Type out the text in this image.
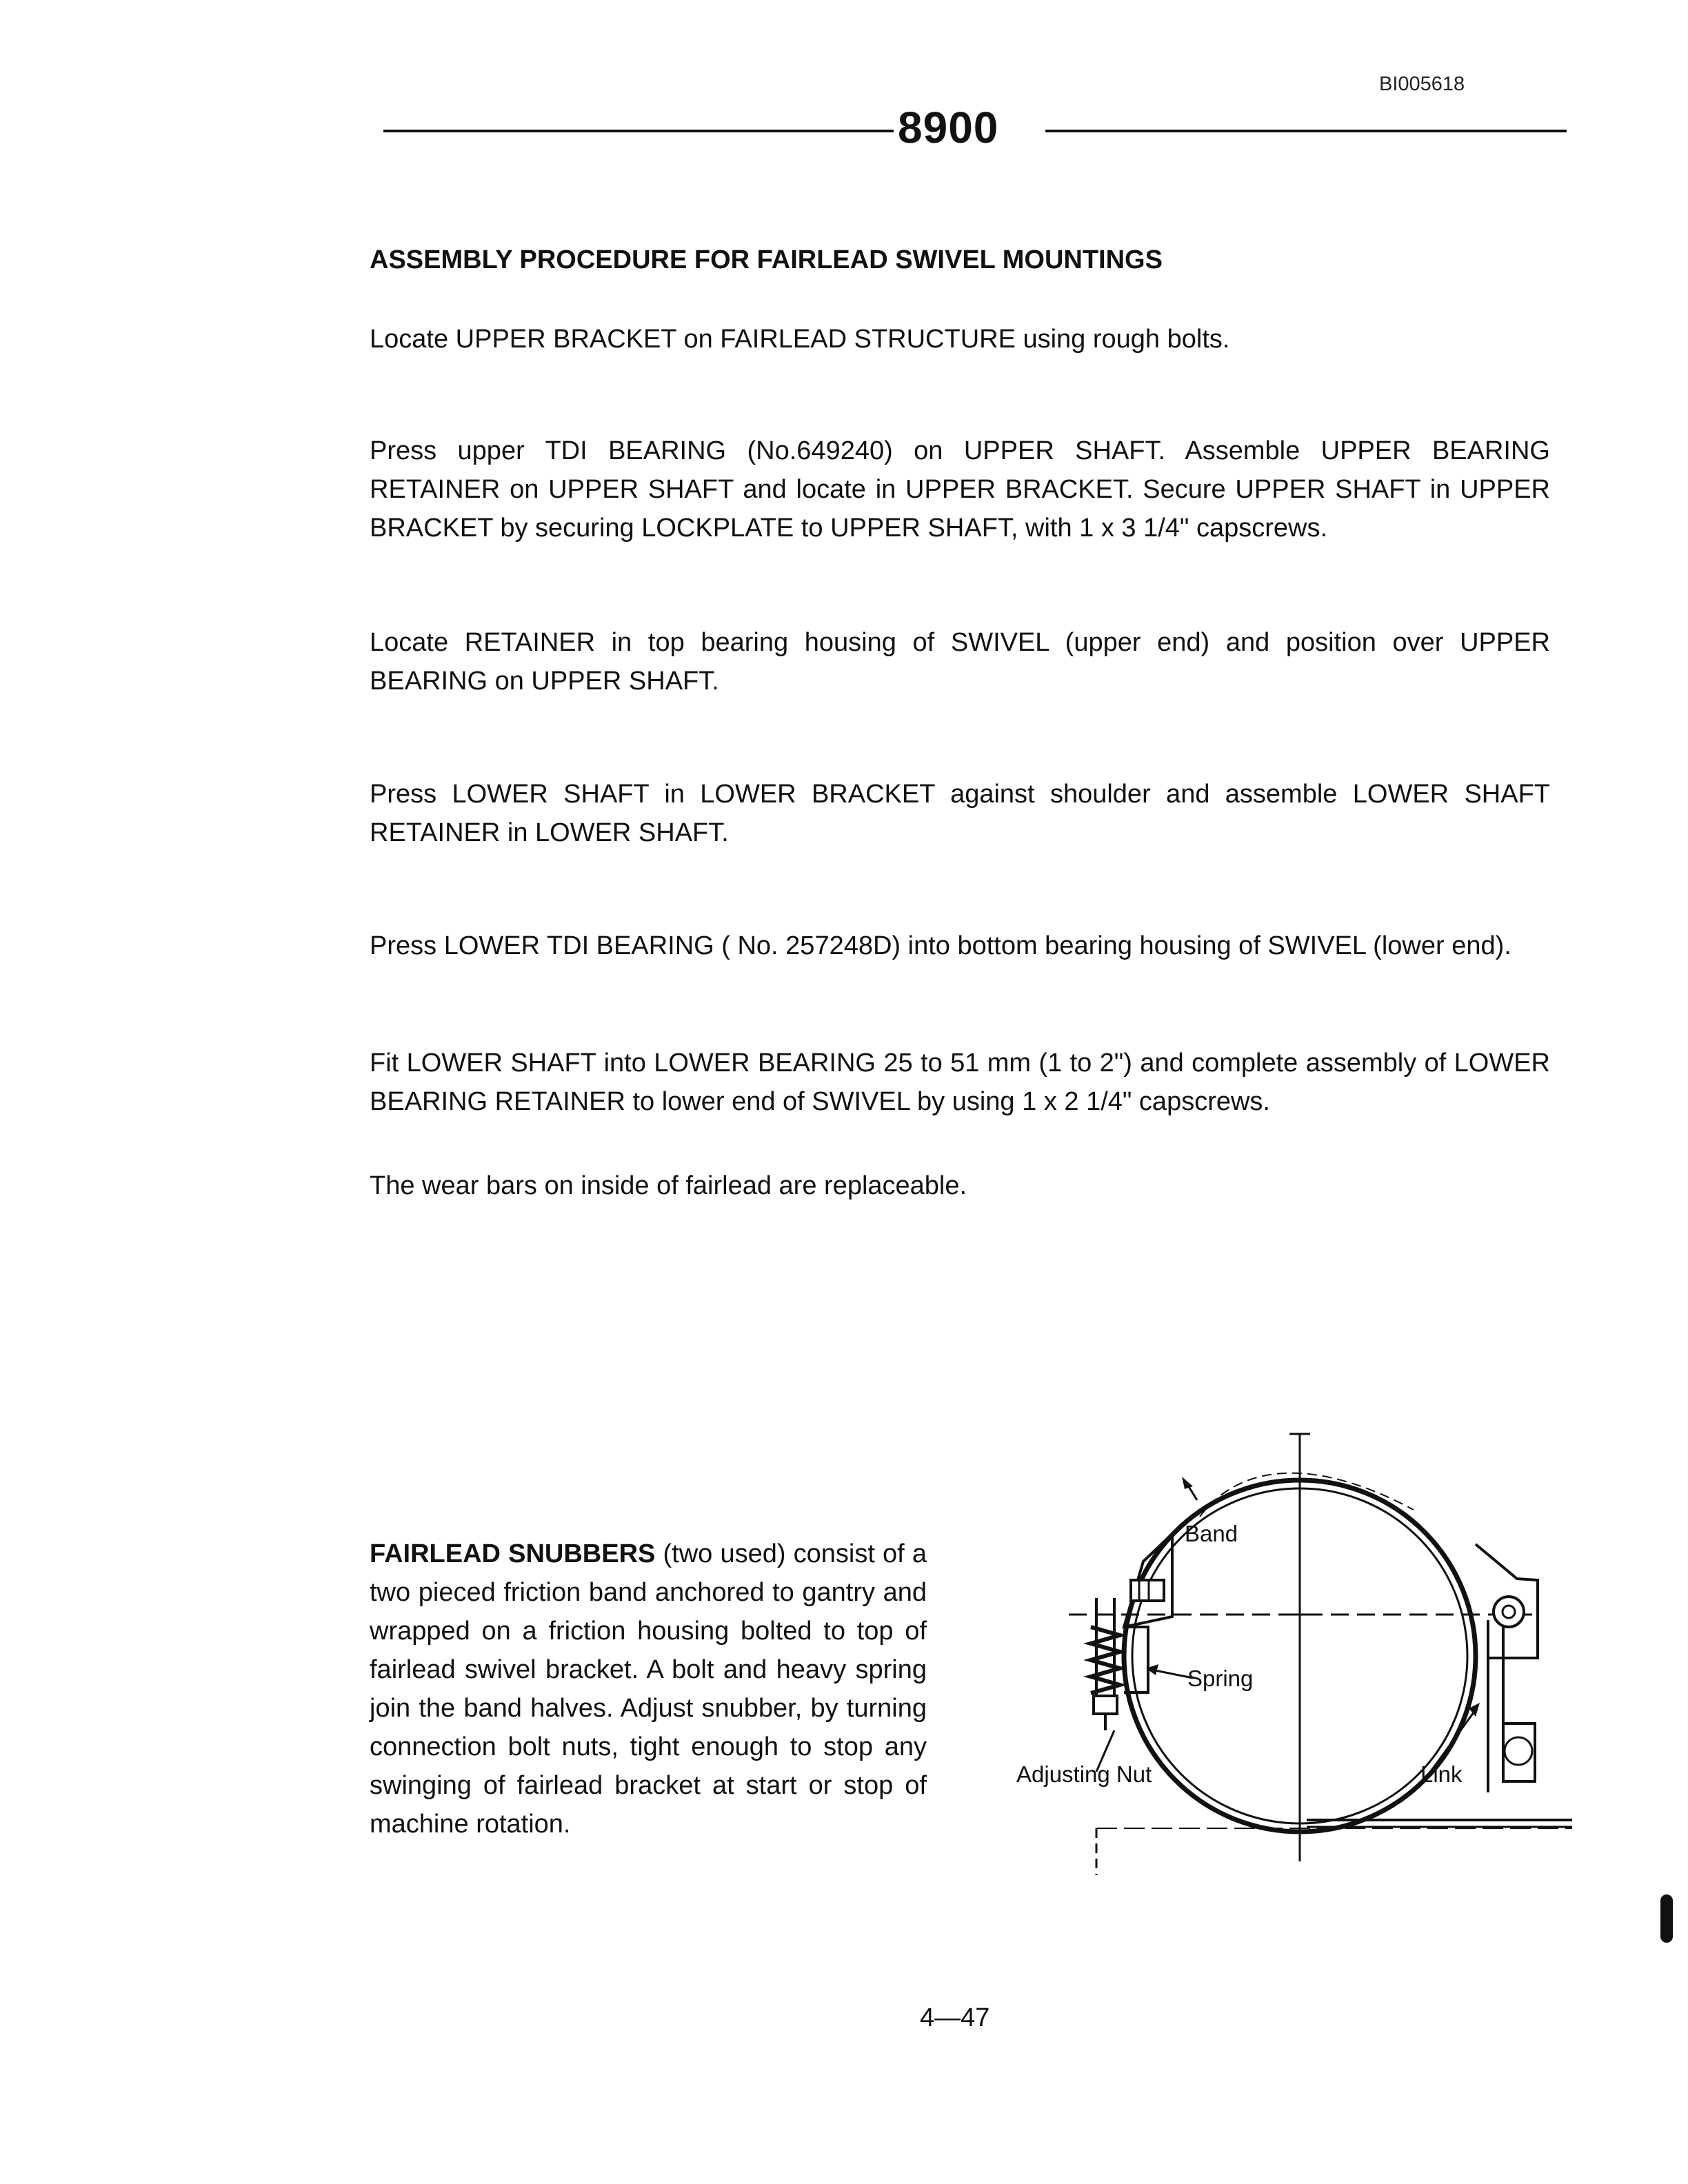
BI005618
8900
ASSEMBLY PROCEDURE FOR FAIRLEAD SWIVEL MOUNTINGS
Locate UPPER BRACKET on FAIRLEAD STRUCTURE using rough bolts.
Press upper TDI BEARING (No.649240) on UPPER SHAFT. Assemble UPPER BEARING RETAINER on UPPER SHAFT and locate in UPPER BRACKET. Secure UPPER SHAFT in UPPER BRACKET by securing LOCKPLATE to UPPER SHAFT, with 1 x 3 1/4" capscrews.
Locate RETAINER in top bearing housing of SWIVEL (upper end) and position over UPPER BEARING on UPPER SHAFT.
Press LOWER SHAFT in LOWER BRACKET against shoulder and assemble LOWER SHAFT RETAINER in LOWER SHAFT.
Press LOWER TDI BEARING ( No. 257248D) into bottom bearing housing of SWIVEL (lower end).
Fit LOWER SHAFT into LOWER BEARING 25 to 51 mm (1 to 2") and complete assembly of LOWER BEARING RETAINER to lower end of SWIVEL by using 1 x 2 1/4" capscrews.
The wear bars on inside of fairlead are replaceable.
FAIRLEAD SNUBBERS (two used) consist of a two pieced friction band anchored to gantry and wrapped on a friction housing bolted to top of fairlead swivel bracket. A bolt and heavy spring join the band halves. Adjust snubber, by turning connection bolt nuts, tight enough to stop any swinging of fairlead bracket at start or stop of machine rotation.
Band
Spring
Adjusting Nut	Link
4—47
